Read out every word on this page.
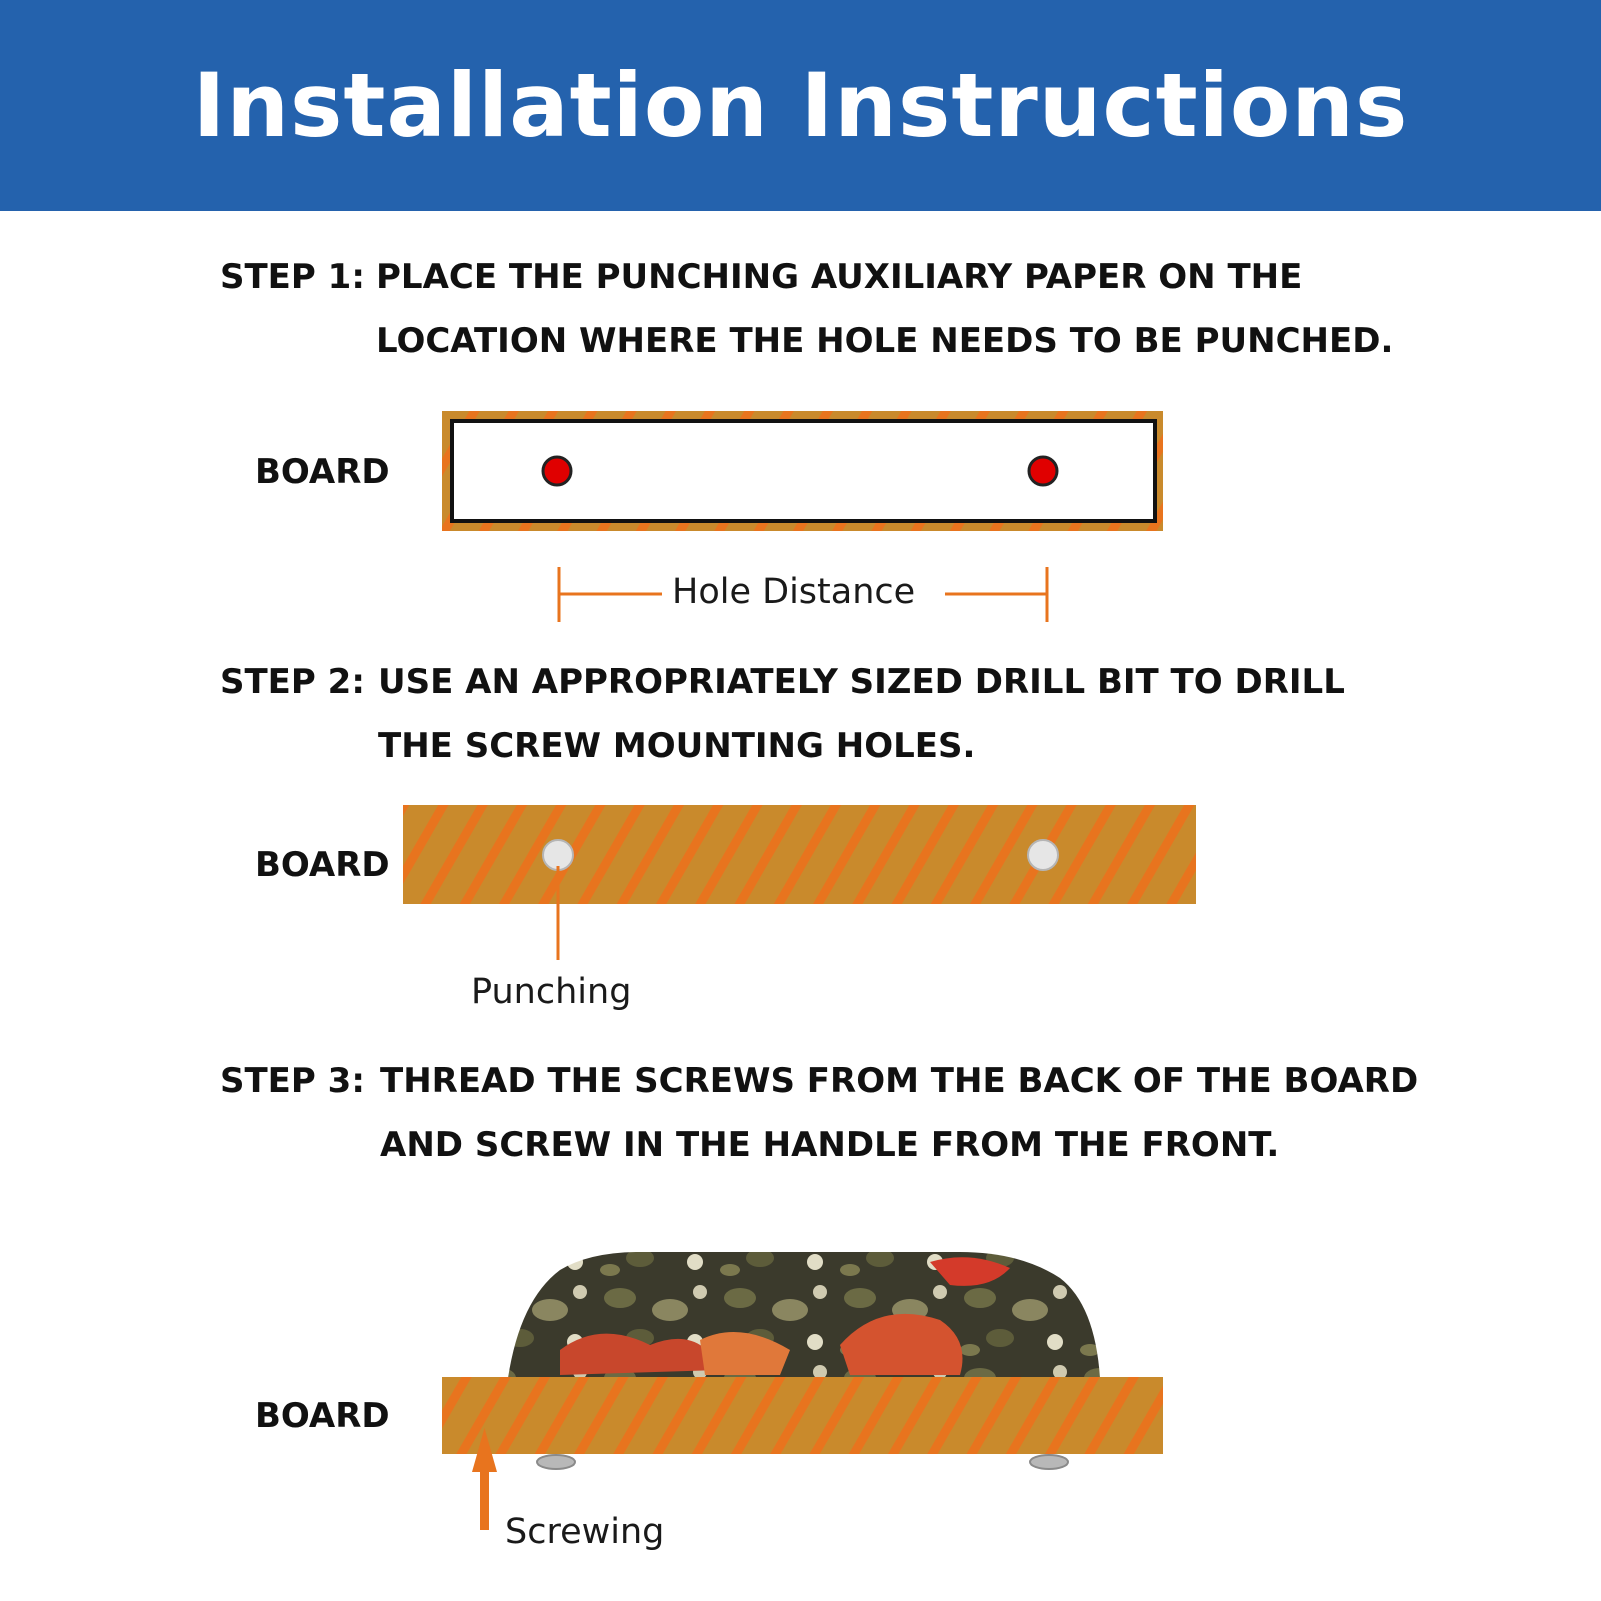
Installation Instructions
STEP 1: PLACE THE PUNCHING AUXILIARY PAPER ON THE
LOCATION WHERE THE HOLE NEEDS TO BE PUNCHED.
STEP 2: USE AN APPROPRIATELY SIZED DRILL BIT TO DRILL
THE SCREW MOUNTING HOLES.
STEP 3: THREAD THE SCREWS FROM THE BACK OF THE BOARD
AND SCREW IN THE HANDLE FROM THE FRONT.
BOARD
BOARD
BOARD
Hole Distance
Punching
Screwing
